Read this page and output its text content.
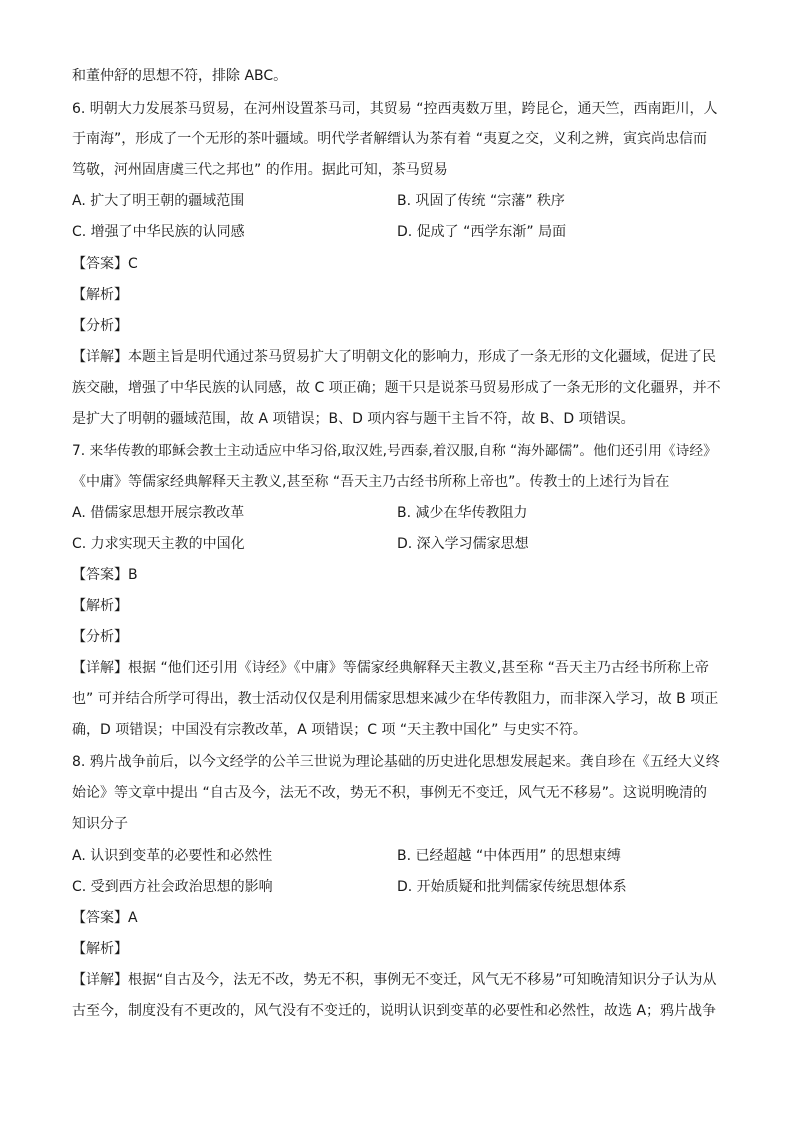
和董仲舒的思想不符，排除 ABC。
6. 明朝大力发展茶马贸易，在河州设置茶马司，其贸易 “控西夷数万里，跨昆仑，通天竺，西南距川，人
于南海”，形成了一个无形的茶叶疆域。明代学者解缙认为茶有着 “夷夏之交，义利之辨，寅宾尚忠信而
笃敬，河州固唐虞三代之邦也” 的作用。据此可知，茶马贸易
A. 扩大了明王朝的疆域范围	B. 巩固了传统 “宗藩” 秩序
C. 增强了中华民族的认同感	D. 促成了 “西学东渐” 局面
【答案】C
【解析】
【分析】
【详解】本题主旨是明代通过茶马贸易扩大了明朝文化的影响力，形成了一条无形的文化疆域，促进了民
族交融，增强了中华民族的认同感，故 C 项正确；题干只是说茶马贸易形成了一条无形的文化疆界，并不
是扩大了明朝的疆域范围，故 A 项错误；B、D 项内容与题干主旨不符，故 B、D 项错误。
7. 来华传教的耶稣会教士主动适应中华习俗,取汉姓,号西泰,着汉服,自称 “海外鄙儒”。他们还引用《诗经》
《中庸》等儒家经典解释天主教义,甚至称 “吾天主乃古经书所称上帝也”。传教士的上述行为旨在
A. 借儒家思想开展宗教改革	B. 减少在华传教阻力
C. 力求实现天主教的中国化	D. 深入学习儒家思想
【答案】B
【解析】
【分析】
【详解】根据 “他们还引用《诗经》《中庸》等儒家经典解释天主教义,甚至称 “吾天主乃古经书所称上帝
也” 可并结合所学可得出，教士活动仅仅是利用儒家思想来减少在华传教阻力，而非深入学习，故 B 项正
确，D 项错误；中国没有宗教改革，A 项错误；C 项 “天主教中国化” 与史实不符。
8. 鸦片战争前后，以今文经学的公羊三世说为理论基础的历史进化思想发展起来。龚自珍在《五经大义终
始论》等文章中提出 “自古及今，法无不改，势无不积，事例无不变迁，风气无不移易”。这说明晚清的
知识分子
A. 认识到变革的必要性和必然性	B. 已经超越 “中体西用” 的思想束缚
C. 受到西方社会政治思想的影响	D. 开始质疑和批判儒家传统思想体系
【答案】A
【解析】
【详解】根据“自古及今，法无不改，势无不积，事例无不变迁，风气无不移易”可知晚清知识分子认为从
古至今，制度没有不更改的，风气没有不变迁的，说明认识到变革的必要性和必然性，故选 A；鸦片战争
